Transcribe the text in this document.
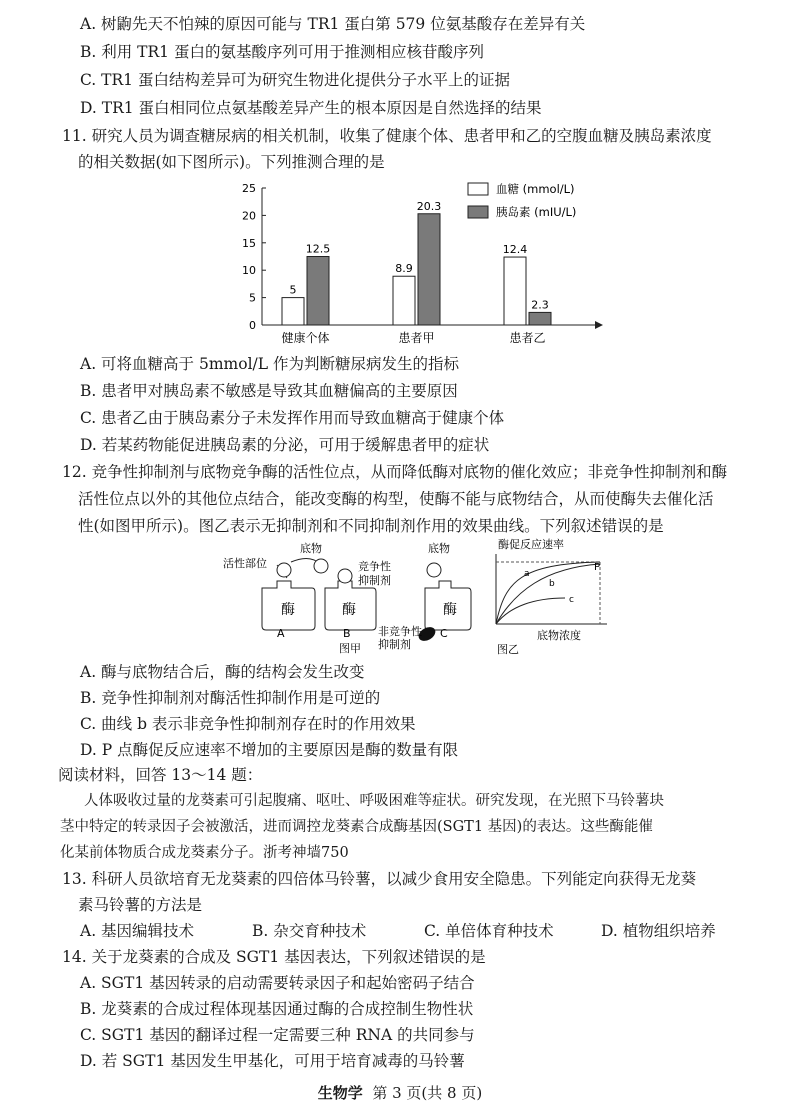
A. 树鼩先天不怕辣的原因可能与 TR1 蛋白第 579 位氨基酸存在差异有关
B. 利用 TR1 蛋白的氨基酸序列可用于推测相应核苷酸序列
C. TR1 蛋白结构差异可为研究生物进化提供分子水平上的证据
D. TR1 蛋白相同位点氨基酸差异产生的根本原因是自然选择的结果
11. 研究人员为调查糖尿病的相关机制，收集了健康个体、患者甲和乙的空腹血糖及胰岛素浓度
的相关数据(如下图所示)。下列推测合理的是
0
5
10
15
20
25
5
12.5
8.9
20.3
12.4
2.3
健康个体	患者甲	患者乙
血糖 (mmol/L)
胰岛素 (mIU/L)
A. 可将血糖高于 5mmol/L 作为判断糖尿病发生的指标
B. 患者甲对胰岛素不敏感是导致其血糖偏高的主要原因
C. 患者乙由于胰岛素分子未发挥作用而导致血糖高于健康个体
D. 若某药物能促进胰岛素的分泌，可用于缓解患者甲的症状
12. 竞争性抑制剂与底物竞争酶的活性位点，从而降低酶对底物的催化效应；非竞争性抑制剂和酶
活性位点以外的其他位点结合，能改变酶的构型，使酶不能与底物结合，从而使酶失去催化活
性(如图甲所示)。图乙表示无抑制剂和不同抑制剂作用的效果曲线。下列叙述错误的是
底物
活性部位
酶	酶
竞争性
抑制剂
底物
酶
非竞争性
抑制剂
A	B	C
图甲
酶促反应速率
a
b
c
P
底物浓度
图乙
A. 酶与底物结合后，酶的结构会发生改变
B. 竞争性抑制剂对酶活性抑制作用是可逆的
C. 曲线 b 表示非竞争性抑制剂存在时的作用效果
D. P 点酶促反应速率不增加的主要原因是酶的数量有限
阅读材料，回答 13～14 题：
人体吸收过量的龙葵素可引起腹痛、呕吐、呼吸困难等症状。研究发现，在光照下马铃薯块
茎中特定的转录因子会被激活，进而调控龙葵素合成酶基因(SGT1 基因)的表达。这些酶能催
化某前体物质合成龙葵素分子。浙考神墙750
13. 科研人员欲培育无龙葵素的四倍体马铃薯，以减少食用安全隐患。下列能定向获得无龙葵
素马铃薯的方法是
A. 基因编辑技术	B. 杂交育种技术	C. 单倍体育种技术	D. 植物组织培养
14. 关于龙葵素的合成及 SGT1 基因表达，下列叙述错误的是
A. SGT1 基因转录的启动需要转录因子和起始密码子结合
B. 龙葵素的合成过程体现基因通过酶的合成控制生物性状
C. SGT1 基因的翻译过程一定需要三种 RNA 的共同参与
D. 若 SGT1 基因发生甲基化，可用于培育减毒的马铃薯
生物学 第 3 页(共 8 页)
